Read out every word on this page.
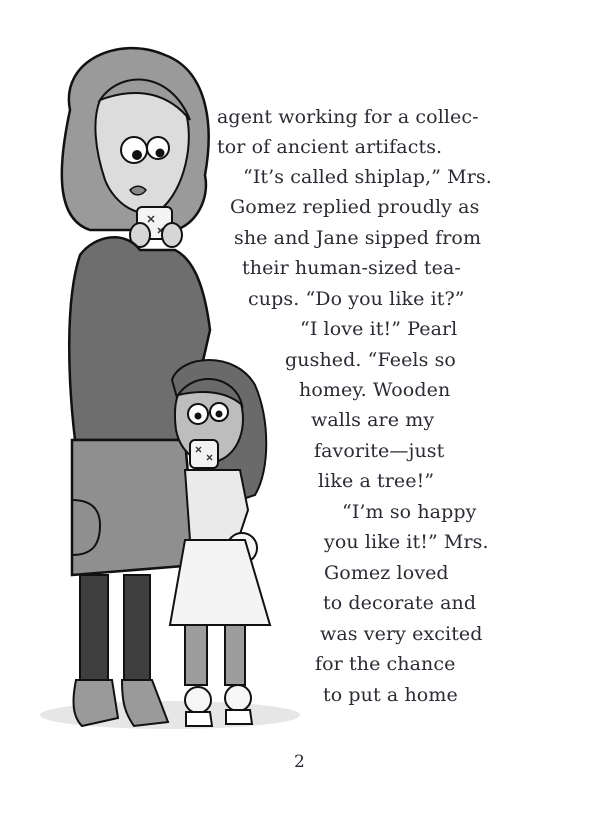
agent working for a collec-
tor of ancient artifacts.
“It’s called shiplap,” Mrs.
Gomez replied proudly as
she and Jane sipped from
their human-sized tea-
cups. “Do you like it?”
“I love it!” Pearl
gushed. “Feels so
homey. Wooden
walls are my
favorite—just
like a tree!”
“I’m so happy
you like it!” Mrs.
Gomez loved
to decorate and
was very excited
for the chance
to put a home
2
